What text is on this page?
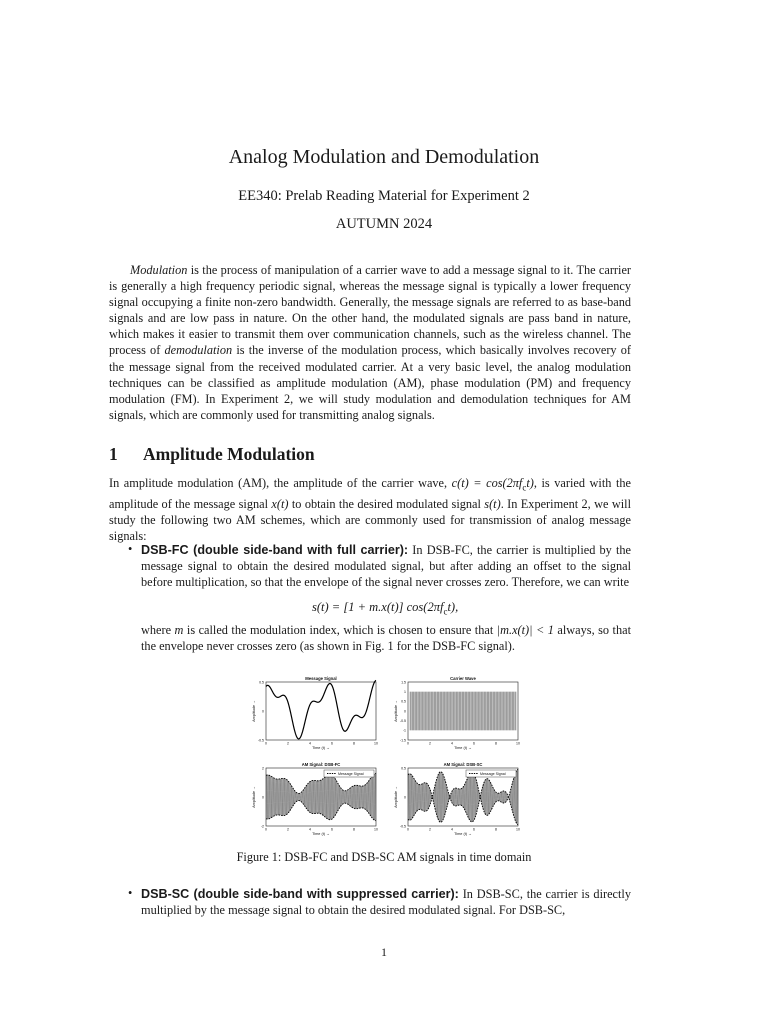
Analog Modulation and Demodulation
EE340: Prelab Reading Material for Experiment 2
AUTUMN 2024

Modulation is the process of manipulation of a carrier wave to add a message signal to it. The carrier is generally a high frequency periodic signal, whereas the message signal is typically a lower frequency signal occupying a finite non-zero bandwidth. Generally, the message signals are referred to as base-band signals and are low pass in nature. On the other hand, the modulated signals are pass band in nature, which makes it easier to transmit them over communication channels, such as the wireless channel. The process of demodulation is the inverse of the modulation process, which basically involves recovery of the message signal from the received modulated carrier. At a very basic level, the analog modulation techniques can be classified as amplitude modulation (AM), phase modulation (PM) and frequency modulation (FM). In Experiment 2, we will study modulation and demodulation techniques for AM signals, which are commonly used for transmitting analog signals.

1 Amplitude Modulation

In amplitude modulation (AM), the amplitude of the carrier wave, $c(t) = \cos(2\pi f_ct)$, is varied with the amplitude of the message signal x(t) to obtain the desired modulated signal s(t). In Experiment 2, we will study the following two AM schemes, which are commonly used for transmission of analog message signals:

• DSB-FC (double side-band with full carrier): In DSB-FC, the carrier is multiplied by the message signal to obtain the desired modulated signal, but after adding an offset to the signal before multiplication, so that the envelope of the signal never crosses zero. Therefore, we can write

s(t) = [1 + m.x(t)] $\cos(2\pi f_ct)$,

where m is called the modulation index, which is chosen to ensure that |m.x(t)| < 1 always, so that the envelope never crosses zero (as shown in Fig. 1 for the DSB-FC signal).

Message Signal
Time (t) →
Amplitude →
0	2	4	6	8	10
0.5
0
-0.5
Carrier Wave
Time (t) →
Amplitude →
0	2	4	6	8	10
1.5
1
0.5
0
-0.5
-1
-1.5
AM Signal: DSB-FC
Time (t) →
Amplitude →
0	2	4	6	8	10
2
0
-2
Message Signal
AM Signal: DSB-SC
Time (t) →
Amplitude →
0	2	4	6	8	10
0.5
0
-0.5
Message Signal
Figure 1: DSB-FC and DSB-SC AM signals in time domain
• DSB-SC (double side-band with suppressed carrier): In DSB-SC, the carrier is directly multiplied by the message signal to obtain the desired modulated signal. For DSB-SC,

1
